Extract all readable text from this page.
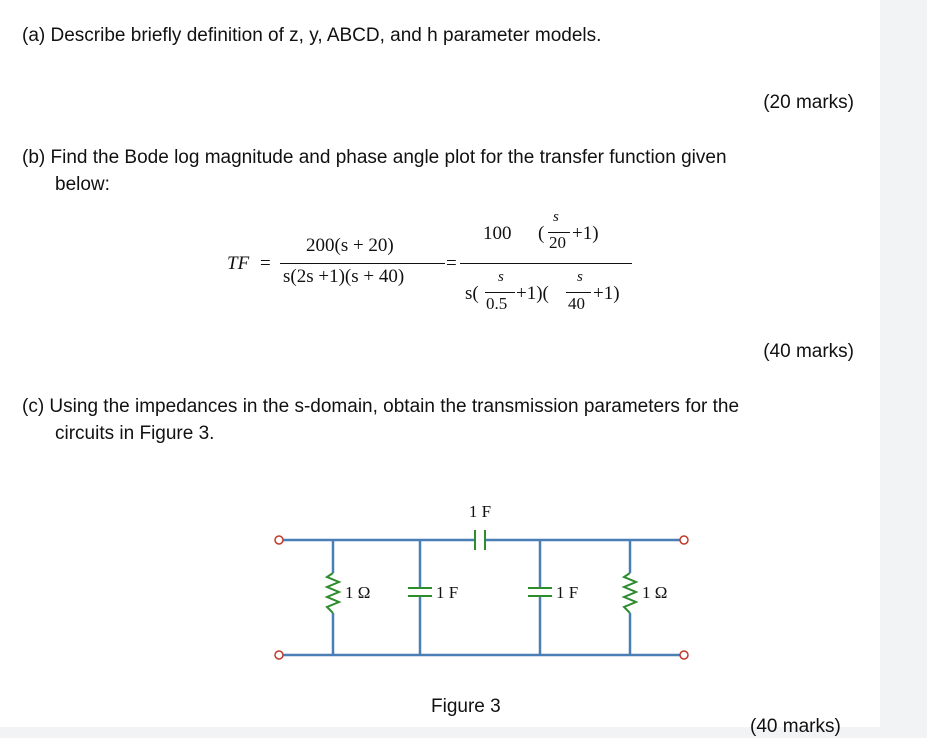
(a) Describe briefly definition of z, y, ABCD, and h parameter models.
(20 marks)
(b) Find the Bode log magnitude and phase angle plot for the transfer function given
below:
TF =
200(s + 20)
s(2s +1)(s + 40)
=
100 (
s
20 +1)
s(
s
0.5 +1)(
s
40 +1)
(40 marks)
(c) Using the impedances in the s-domain, obtain the transmission parameters for the
circuits in Figure 3.
1 F
1 Ω	1 F	1 F	1 Ω
Figure 3
(40 marks)
